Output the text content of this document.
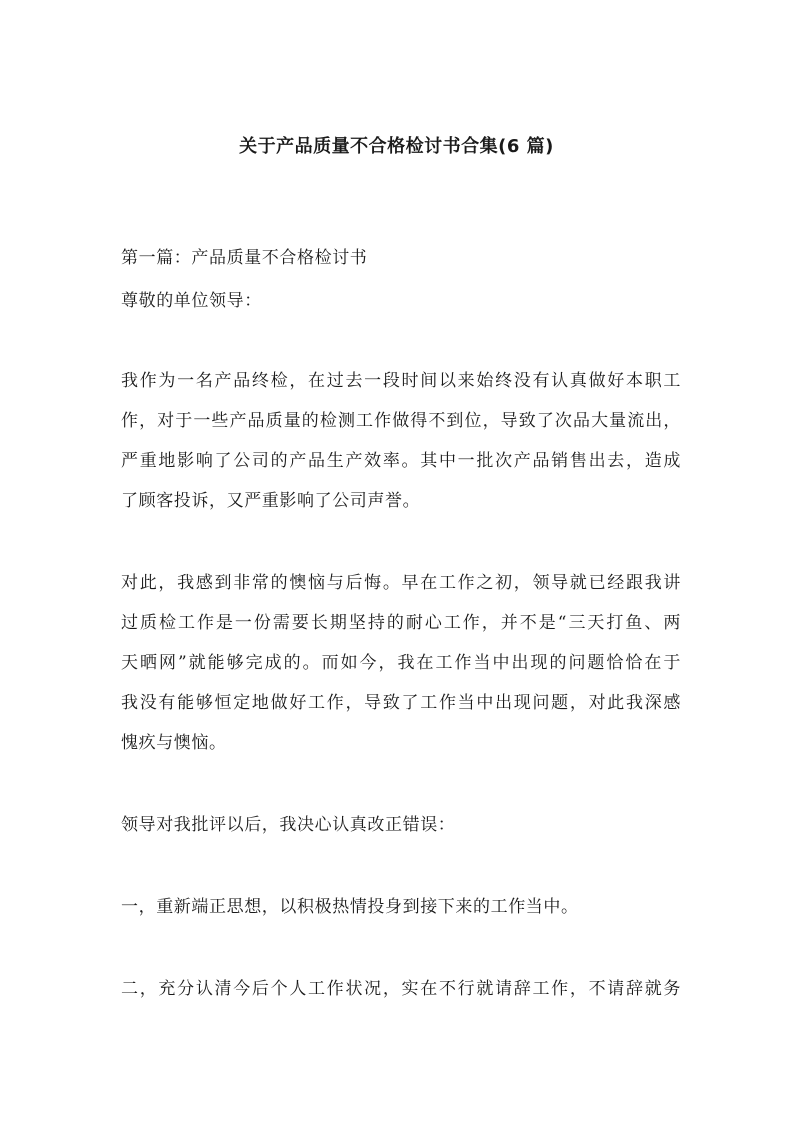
关于产品质量不合格检讨书合集(6 篇)
第一篇：产品质量不合格检讨书
尊敬的单位领导：
我作为一名产品终检，在过去一段时间以来始终没有认真做好本职工
作，对于一些产品质量的检测工作做得不到位，导致了次品大量流出，
严重地影响了公司的产品生产效率。其中一批次产品销售出去，造成
了顾客投诉，又严重影响了公司声誉。
对此，我感到非常的懊恼与后悔。早在工作之初，领导就已经跟我讲
过质检工作是一份需要长期坚持的耐心工作，并不是“三天打鱼、两
天晒网”就能够完成的。而如今，我在工作当中出现的问题恰恰在于
我没有能够恒定地做好工作，导致了工作当中出现问题，对此我深感
愧疚与懊恼。
领导对我批评以后，我决心认真改正错误：
一，重新端正思想，以积极热情投身到接下来的工作当中。
二，充分认清今后个人工作状况，实在不行就请辞工作，不请辞就务
